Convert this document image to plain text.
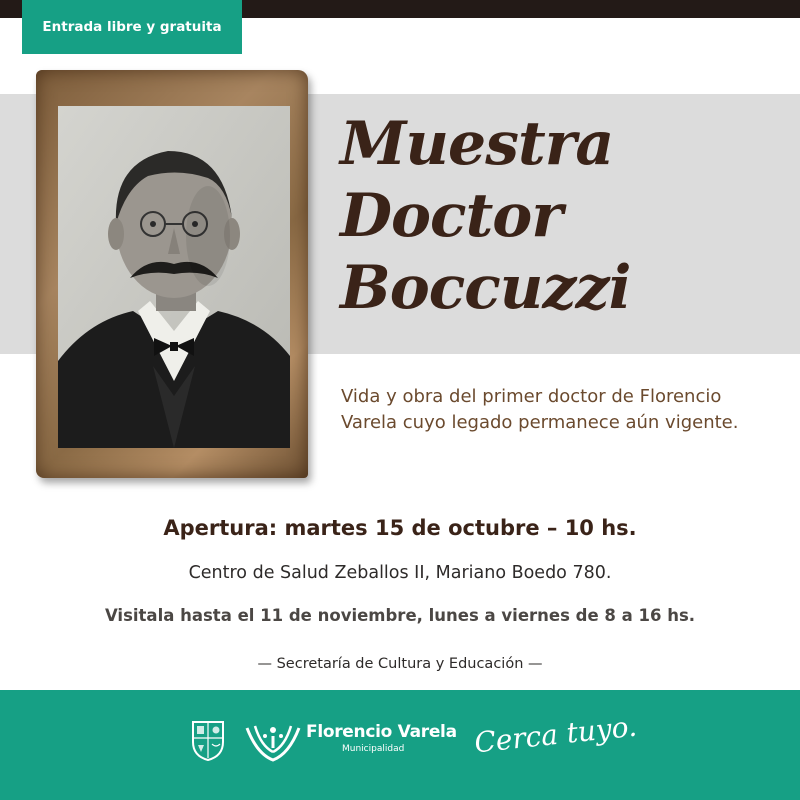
Entrada libre y gratuita
Muestra
Doctor
Boccuzzi
Vida y obra del primer doctor de Florencio Varela cuyo legado permanece aún vigente.
Apertura: martes 15 de octubre – 10 hs.
Centro de Salud Zeballos II, Mariano Boedo 780.
Visitala hasta el 11 de noviembre, lunes a viernes de 8 a 16 hs.
— Secretaría de Cultura y Educación —
Florencio Varela
Municipalidad Cerca tuyo.
